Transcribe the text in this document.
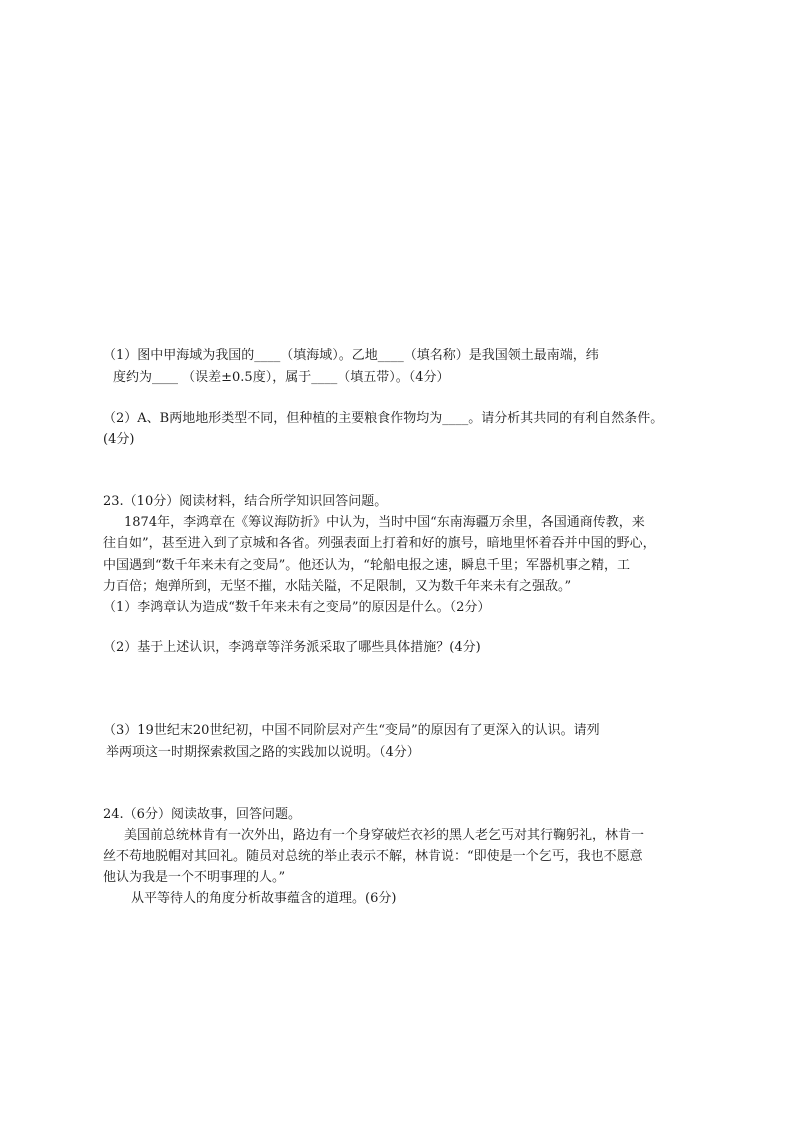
（1）图中甲海域为我国的____（填海域）。乙地____（填名称）是我国领土最南端，纬
度约为____ （误差±0.5度），属于____（填五带）。（4分）
（2）A、B两地地形类型不同，但种植的主要粮食作物均为____。请分析其共同的有利自然条件。
(4分)
23.（10分）阅读材料，结合所学知识回答问题。
1874年，李鸿章在《筹议海防折》中认为，当时中国“东南海疆万余里，各国通商传教，来
往自如”，甚至进入到了京城和各省。列强表面上打着和好的旗号，暗地里怀着吞并中国的野心，
中国遇到“数千年来未有之变局”。他还认为，“轮船电报之速，瞬息千里；军器机事之精，工
力百倍；炮弹所到，无坚不摧，水陆关隘，不足限制，又为数千年来未有之强敌。”
（1）李鸿章认为造成“数千年来未有之变局”的原因是什么。（2分）
（2）基于上述认识，李鸿章等洋务派采取了哪些具体措施？(4分)
（3）19世纪末20世纪初，中国不同阶层对产生“变局”的原因有了更深入的认识。请列
举两项这一时期探索救国之路的实践加以说明。（4分）
24.（6分）阅读故事，回答问题。
美国前总统林肯有一次外出，路边有一个身穿破烂衣衫的黑人老乞丐对其行鞠躬礼，林肯一
丝不苟地脱帽对其回礼。随员对总统的举止表示不解，林肯说：“即使是一个乞丐，我也不愿意
他认为我是一个不明事理的人。”
从平等待人的角度分析故事蕴含的道理。(6分)
